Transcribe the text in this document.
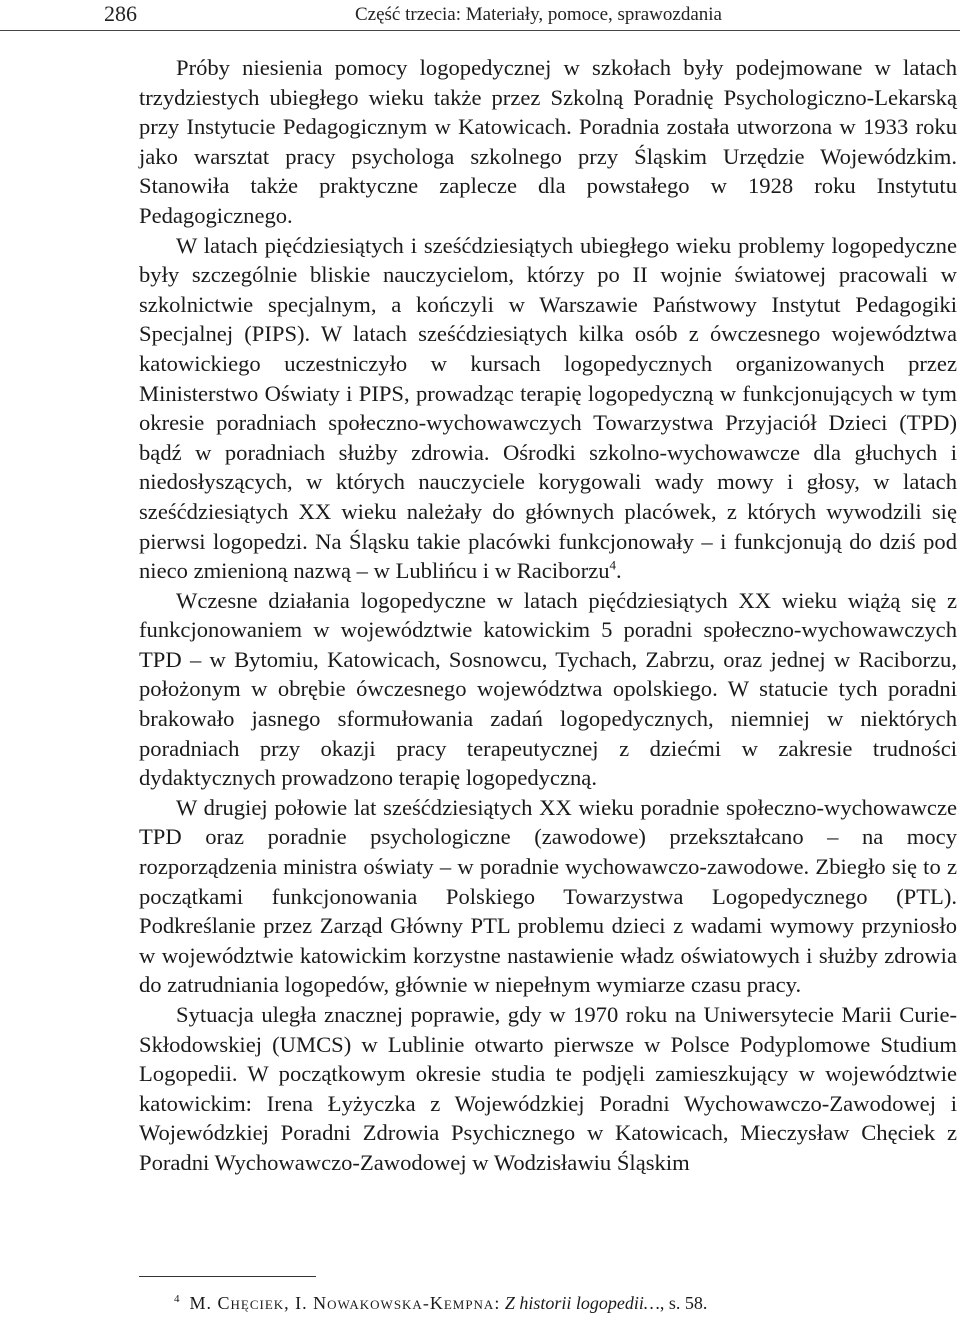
286	Część trzecia: Materiały, pomoce, sprawozdania

Próby niesienia pomocy logopedycznej w szkołach były podejmowane w latach trzydziestych ubiegłego wieku także przez Szkolną Poradnię Psychologiczno-Lekarską przy Instytucie Pedagogicznym w Katowicach. Poradnia została utworzona w 1933 roku jako warsztat pracy psychologa szkolnego przy Śląskim Urzędzie Wojewódzkim. Stanowiła także praktyczne zaplecze dla powstałego w 1928 roku Instytutu Pedagogicznego.

W latach pięćdziesiątych i sześćdziesiątych ubiegłego wieku problemy logopedyczne były szczególnie bliskie nauczycielom, którzy po II wojnie światowej pracowali w szkolnictwie specjalnym, a kończyli w Warszawie Państwowy Instytut Pedagogiki Specjalnej (PIPS). W latach sześćdziesiątych kilka osób z ówczesnego województwa katowickiego uczestniczyło w kursach logopedycznych organizowanych przez Ministerstwo Oświaty i PIPS, prowadząc terapię logopedyczną w funkcjonujących w tym okresie poradniach społeczno-wychowawczych Towarzystwa Przyjaciół Dzieci (TPD) bądź w poradniach służby zdrowia. Ośrodki szkolno-wychowawcze dla głuchych i niedosłyszących, w których nauczyciele korygowali wady mowy i głosy, w latach sześćdziesiątych XX wieku należały do głównych placówek, z których wywodzili się pierwsi logopedzi. Na Śląsku takie placówki funkcjonowały – i funkcjonują do dziś pod nieco zmienioną nazwą – w Lublińcu i w Raciborzu$^4$.

Wczesne działania logopedyczne w latach pięćdziesiątych XX wieku wiążą się z funkcjonowaniem w województwie katowickim 5 poradni społeczno-wychowawczych TPD – w Bytomiu, Katowicach, Sosnowcu, Tychach, Zabrzu, oraz jednej w Raciborzu, położonym w obrębie ówczesnego województwa opolskiego. W statucie tych poradni brakowało jasnego sformułowania zadań logopedycznych, niemniej w niektórych poradniach przy okazji pracy terapeutycznej z dziećmi w zakresie trudności dydaktycznych prowadzono terapię logopedyczną.

W drugiej połowie lat sześćdziesiątych XX wieku poradnie społeczno-wychowawcze TPD oraz poradnie psychologiczne (zawodowe) przekształcano – na mocy rozporządzenia ministra oświaty – w poradnie wychowawczo-zawodowe. Zbiegło się to z początkami funkcjonowania Polskiego Towarzystwa Logopedycznego (PTL). Podkreślanie przez Zarząd Główny PTL problemu dzieci z wadami wymowy przyniosło w województwie katowickim korzystne nastawienie władz oświatowych i służby zdrowia do zatrudniania logopedów, głównie w niepełnym wymiarze czasu pracy.

Sytuacja uległa znacznej poprawie, gdy w 1970 roku na Uniwersytecie Marii Curie-Skłodowskiej (UMCS) w Lublinie otwarto pierwsze w Polsce Podyplomowe Studium Logopedii. W początkowym okresie studia te podjęli zamieszkujący w województwie katowickim: Irena Łyżyczka z Wojewódzkiej Poradni Wychowawczo-Zawodowej i Wojewódzkiej Poradni Zdrowia Psychicznego w Katowicach, Mieczysław Chęciek z Poradni Wychowawczo-Zawodowej w Wodzisławiu Śląskim

$^4$ M. Chęciek, I. Nowakowska-Kempna: Z historii logopedii…, s. 58.
